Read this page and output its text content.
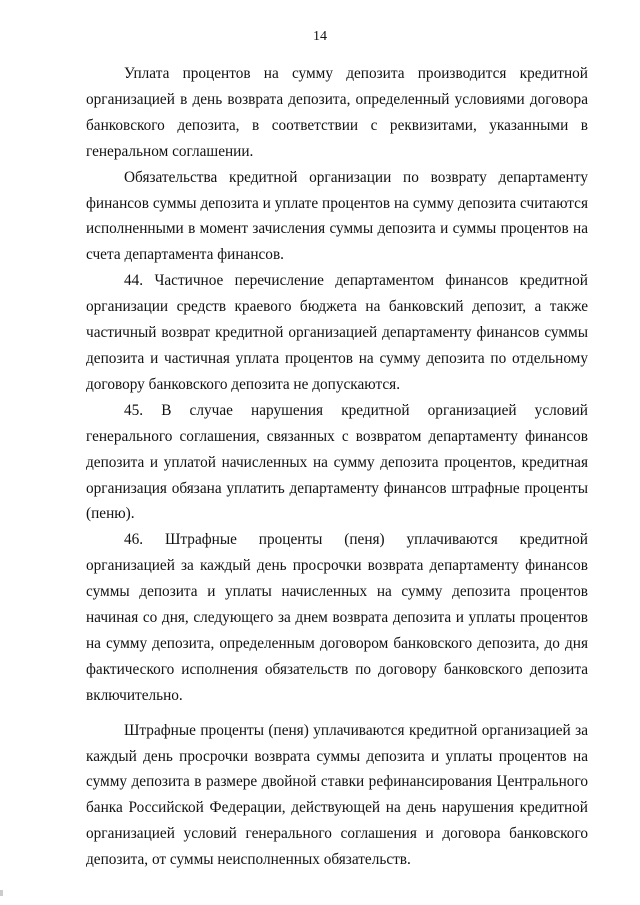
14

Уплата процентов на сумму депозита производится кредитной организацией в день возврата депозита, определенный условиями договора банковского депозита, в соответствии с реквизитами, указанными в генеральном соглашении.

Обязательства кредитной организации по возврату департаменту финансов суммы депозита и уплате процентов на сумму депозита считаются исполненными в момент зачисления суммы депозита и суммы процентов на счета департамента финансов.

44. Частичное перечисление департаментом финансов кредитной организации средств краевого бюджета на банковский депозит, а также частичный возврат кредитной организацией департаменту финансов суммы депозита и частичная уплата процентов на сумму депозита по отдельному договору банковского депозита не допускаются.

45. В случае нарушения кредитной организацией условий генерального соглашения, связанных с возвратом департаменту финансов депозита и уплатой начисленных на сумму депозита процентов, кредитная организация обязана уплатить департаменту финансов штрафные проценты (пеню).

46. Штрафные проценты (пеня) уплачиваются кредитной организацией за каждый день просрочки возврата департаменту финансов суммы депозита и уплаты начисленных на сумму депозита процентов начиная со дня, следующего за днем возврата депозита и уплаты процентов на сумму депозита, определенным договором банковского депозита, до дня фактического исполнения обязательств по договору банковского депозита включительно.

Штрафные проценты (пеня) уплачиваются кредитной организацией за каждый день просрочки возврата суммы депозита и уплаты процентов на сумму депозита в размере двойной ставки рефинансирования Центрального банка Российской Федерации, действующей на день нарушения кредитной организацией условий генерального соглашения и договора банковского депозита, от суммы неисполненных обязательств.
